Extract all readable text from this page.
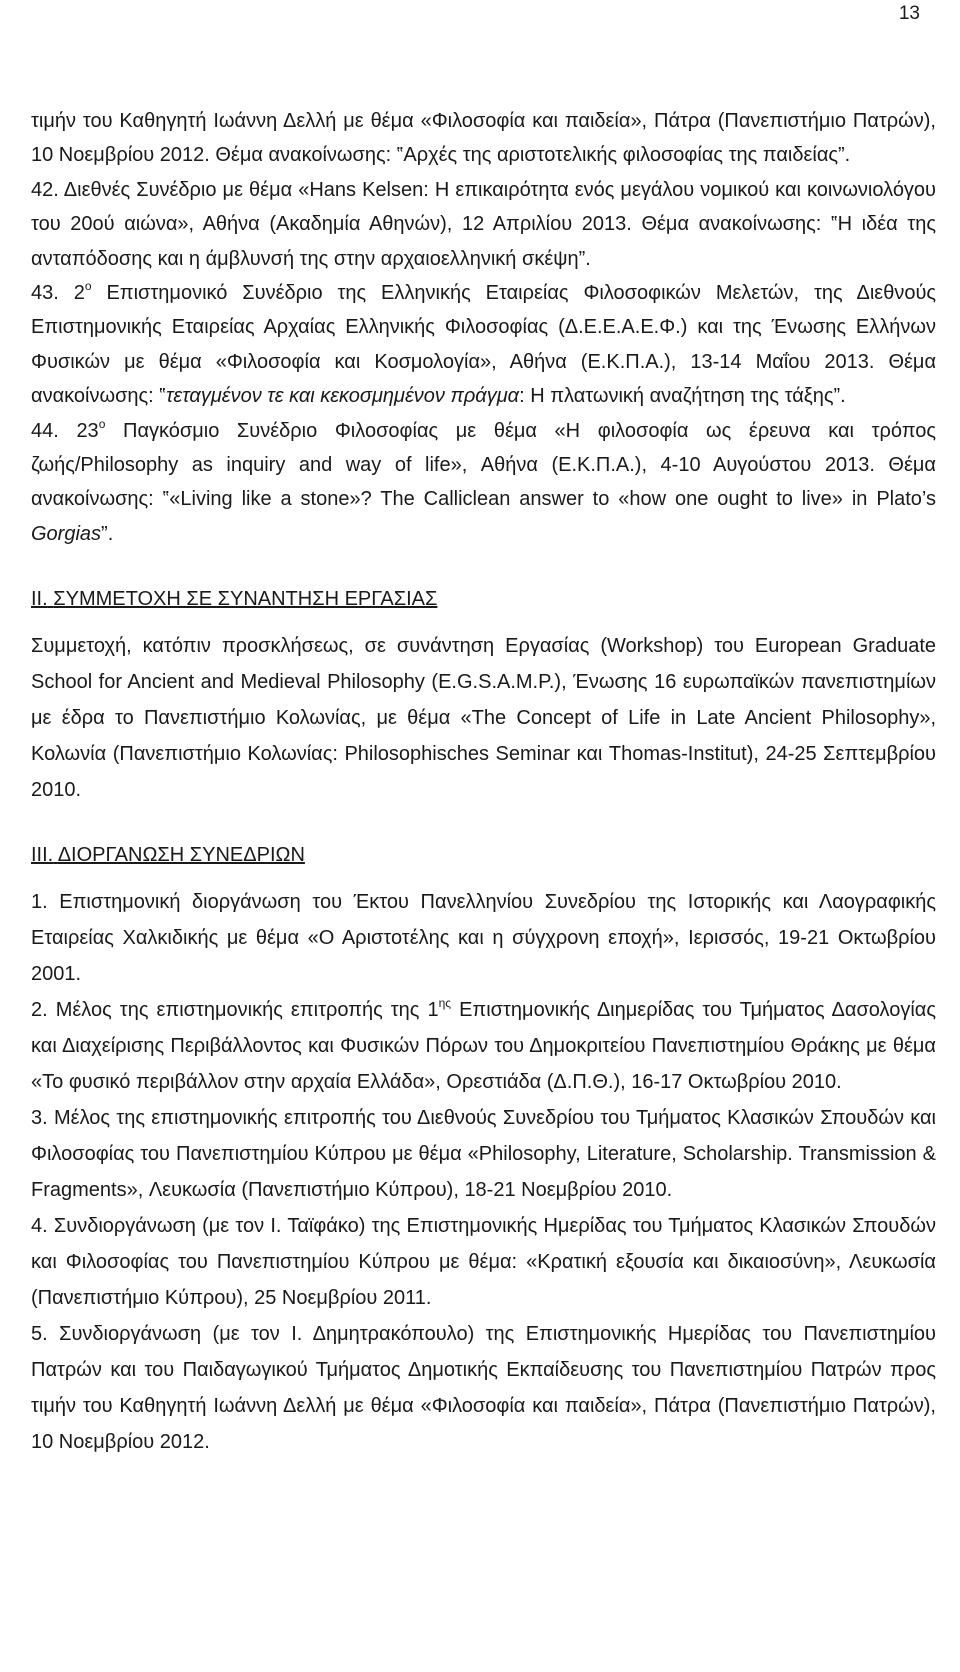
13

τιμήν του Καθηγητή Ιωάννη Δελλή με θέμα «Φιλοσοφία και παιδεία», Πάτρα (Πανεπιστήμιο Πατρών), 10 Νοεμβρίου 2012. Θέμα ανακοίνωσης: ‟Αρχές της αριστοτελικής φιλοσοφίας της παιδείας”.

42. Διεθνές Συνέδριο με θέμα «Hans Kelsen: Η επικαιρότητα ενός μεγάλου νομικού και κοινωνιολόγου του 20ού αιώνα», Αθήνα (Ακαδημία Αθηνών), 12 Απριλίου 2013. Θέμα ανακοίνωσης: ‟Η ιδέα της ανταπόδοσης και η άμβλυνσή της στην αρχαιοελληνική σκέψη”.

43. $2^o$ Επιστημονικό Συνέδριο της Ελληνικής Εταιρείας Φιλοσοφικών Μελετών, της Διεθνούς Επιστημονικής Εταιρείας Αρχαίας Ελληνικής Φιλοσοφίας (Δ.Ε.Ε.Α.Ε.Φ.) και της Ένωσης Ελλήνων Φυσικών με θέμα «Φιλοσοφία και Κοσμολογία», Αθήνα (Ε.Κ.Π.Α.), 13-14 Μαΐου 2013. Θέμα ανακοίνωσης: ‟τεταγμένον τε και κεκοσμημένον πράγμα: Η πλατωνική αναζήτηση της τάξης”.

44. $23^o$ Παγκόσμιο Συνέδριο Φιλοσοφίας με θέμα «Η φιλοσοφία ως έρευνα και τρόπος ζωής/Philosophy as inquiry and way of life», Αθήνα (Ε.Κ.Π.Α.), 4-10 Αυγούστου 2013. Θέμα ανακοίνωσης: ‟«Living like a stone»? The Calliclean answer to «how one ought to live» in Plato’s Gorgias”.

ΙΙ. ΣΥΜΜΕΤΟΧΗ ΣΕ ΣΥΝΑΝΤΗΣΗ ΕΡΓΑΣΙΑΣ

Συμμετοχή, κατόπιν προσκλήσεως, σε συνάντηση Εργασίας (Workshop) του European Graduate School for Ancient and Medieval Philosophy (E.G.S.A.M.P.), Ένωσης 16 ευρωπαϊκών πανεπιστημίων με έδρα το Πανεπιστήμιο Κολωνίας, με θέμα «The Concept of Life in Late Ancient Philosophy», Κολωνία (Πανεπιστήμιο Κολωνίας: Philosophisches Seminar και Thomas-Institut), 24-25 Σεπτεμβρίου 2010.

ΙΙΙ. ΔΙΟΡΓΑΝΩΣΗ ΣΥΝΕΔΡΙΩΝ

1. Επιστημονική διοργάνωση του Έκτου Πανελληνίου Συνεδρίου της Ιστορικής και Λαογραφικής Εταιρείας Χαλκιδικής με θέμα «Ο Αριστοτέλης και η σύγχρονη εποχή», Ιερισσός, 19-21 Οκτωβρίου 2001.

2. Μέλος της επιστημονικής επιτροπής της $1^{\eta\varsigma}$ Επιστημονικής Διημερίδας του Τμήματος Δασολογίας και Διαχείρισης Περιβάλλοντος και Φυσικών Πόρων του Δημοκριτείου Πανεπιστημίου Θράκης με θέμα «Το φυσικό περιβάλλον στην αρχαία Ελλάδα», Ορεστιάδα (Δ.Π.Θ.), 16-17 Οκτωβρίου 2010.

3. Μέλος της επιστημονικής επιτροπής του Διεθνούς Συνεδρίου του Τμήματος Κλασικών Σπουδών και Φιλοσοφίας του Πανεπιστημίου Κύπρου με θέμα «Philosophy, Literature, Scholarship. Transmission & Fragments», Λευκωσία (Πανεπιστήμιο Κύπρου), 18-21 Νοεμβρίου 2010.

4. Συνδιοργάνωση (με τον Ι. Ταϊφάκο) της Επιστημονικής Ημερίδας του Τμήματος Κλασικών Σπουδών και Φιλοσοφίας του Πανεπιστημίου Κύπρου με θέμα: «Κρατική εξουσία και δικαιοσύνη», Λευκωσία (Πανεπιστήμιο Κύπρου), 25 Νοεμβρίου 2011.

5. Συνδιοργάνωση (με τον Ι. Δημητρακόπουλο) της Επιστημονικής Ημερίδας του Πανεπιστημίου Πατρών και του Παιδαγωγικού Τμήματος Δημοτικής Εκπαίδευσης του Πανεπιστημίου Πατρών προς τιμήν του Καθηγητή Ιωάννη Δελλή με θέμα «Φιλοσοφία και παιδεία», Πάτρα (Πανεπιστήμιο Πατρών), 10 Νοεμβρίου 2012.
